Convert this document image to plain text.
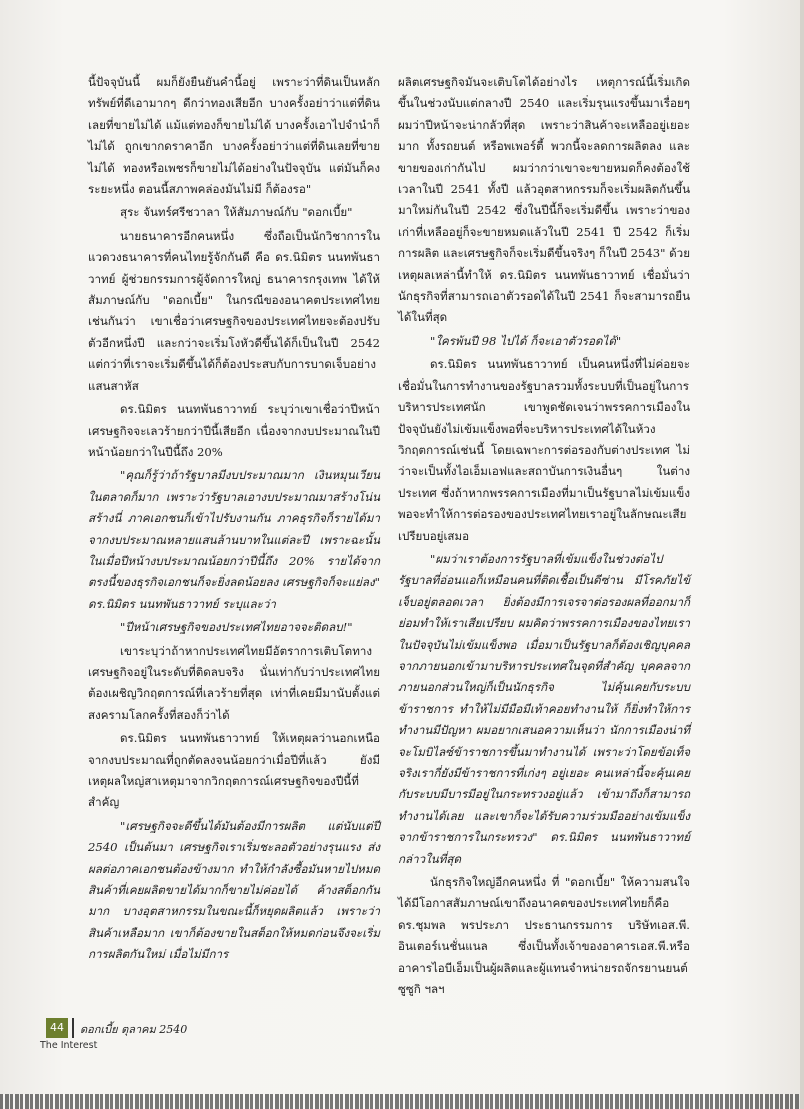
นี้ปัจจุบันนี้ ผมก็ยังยืนยันคำนี้อยู่ เพราะว่าที่ดินเป็นหลักทรัพย์ที่ดีเอามากๆ ดีกว่าทองเสียอีก บางครั้งอย่าว่าแต่ที่ดินเลยที่ขายไม่ได้ แม้แต่ทองก็ขายไม่ได้ บางครั้งเอาไปจำนำก็ไม่ได้ ถูกเขากดราคาอีก บางครั้งอย่าว่าแต่ที่ดินเลยที่ขายไม่ได้ ทองหรือเพชรก็ขายไม่ได้อย่างในปัจจุบัน แต่มันก็คงระยะหนึ่ง ตอนนี้สภาพคล่องมันไม่มี ก็ต้องรอ"

สุระ จันทร์ศรีชวาลา ให้สัมภาษณ์กับ "ดอกเบี้ย"

นายธนาคารอีกคนหนึ่ง ซึ่งถือเป็นนักวิชาการในแวดวงธนาคารที่คนไทยรู้จักกันดี คือ ดร.นิมิตร นนทพันธาวาทย์ ผู้ช่วยกรรมการผู้จัดการใหญ่ ธนาคารกรุงเทพ ได้ให้สัมภาษณ์กับ "ดอกเบี้ย" ในกรณีของอนาคตประเทศไทยเช่นกันว่า เขาเชื่อว่าเศรษฐกิจของประเทศไทยจะต้องปรับตัวอีกหนึ่งปี และกว่าจะเริ่มโงหัวดีขึ้นได้ก็เป็นในปี 2542 แต่กว่าที่เราจะเริ่มดีขึ้นได้ก็ต้องประสบกับการบาดเจ็บอย่างแสนสาหัส

ดร.นิมิตร นนทพันธาวาทย์ ระบุว่าเขาเชื่อว่าปีหน้าเศรษฐกิจจะเลวร้ายกว่าปีนี้เสียอีก เนื่องจากงบประมาณในปีหน้าน้อยกว่าในปีนี้ถึง 20%

"คุณก็รู้ว่าถ้ารัฐบาลมีงบประมาณมาก เงินหมุนเวียนในตลาดก็มาก เพราะว่ารัฐบาลเอางบประมาณมาสร้างโน่น สร้างนี่ ภาคเอกชนก็เข้าไปรับงานกัน ภาคธุรกิจก็รายได้มาจากงบประมาณหลายแสนล้านบาทในแต่ละปี เพราะฉะนั้นในเมื่อปีหน้างบประมาณน้อยกว่าปีนี้ถึง 20% รายได้จากตรงนี้ของธุรกิจเอกชนก็จะยิ่งลดน้อยลง เศรษฐกิจก็จะแย่ลง" ดร.นิมิตร นนทพันธาวาทย์ ระบุและว่า

"ปีหน้าเศรษฐกิจของประเทศไทยอาจจะติดลบ!"

เขาระบุว่าถ้าหากประเทศไทยมีอัตราการเติบโตทางเศรษฐกิจอยู่ในระดับที่ติดลบจริง นั่นเท่ากับว่าประเทศไทยต้องเผชิญวิกฤตการณ์ที่เลวร้ายที่สุด เท่าที่เคยมีมานับตั้งแต่สงครามโลกครั้งที่สองก็ว่าได้

ดร.นิมิตร นนทพันธาวาทย์ ให้เหตุผลว่านอกเหนือจากงบประมาณที่ถูกตัดลงจนน้อยกว่าเมื่อปีที่แล้ว ยังมีเหตุผลใหญ่สาเหตุมาจากวิกฤตการณ์เศรษฐกิจของปีนี้ที่สำคัญ

"เศรษฐกิจจะดีขึ้นได้มันต้องมีการผลิต แต่นับแต่ปี 2540 เป็นต้นมา เศรษฐกิจเราเริ่มชะลอตัวอย่างรุนแรง ส่งผลต่อภาคเอกชนต้องข้างมาก ทำให้กำลังซื้อมันหายไปหมด สินค้าที่เคยผลิตขายได้มากก็ขายไม่ค่อยได้ ค้างสต็อกกันมาก บางอุตสาหกรรมในขณะนี้ก็หยุดผลิตแล้ว เพราะว่าสินค้าเหลือมาก เขาก็ต้องขายในสต็อกให้หมดก่อนจึงจะเริ่มการผลิตกันใหม่ เมื่อไม่มีการ

ผลิตเศรษฐกิจมันจะเติบโตได้อย่างไร เหตุการณ์นี้เริ่มเกิดขึ้นในช่วงนับแต่กลางปี 2540 และเริ่มรุนแรงขึ้นมาเรื่อยๆ ผมว่าปีหน้าจะน่ากลัวที่สุด เพราะว่าสินค้าจะเหลืออยู่เยอะมาก ทั้งรถยนต์ หรือพเพอร์ตี้ พวกนี้จะลดการผลิตลง และขายของเก่ากันไป ผมว่ากว่าเขาจะขายหมดก็คงต้องใช้เวลาในปี 2541 ทั้งปี แล้วอุตสาหกรรมก็จะเริ่มผลิตกันขึ้นมาใหม่กันในปี 2542 ซึ่งในปีนี้ก็จะเริ่มดีขึ้น เพราะว่าของเก่าที่เหลืออยู่ก็จะขายหมดแล้วในปี 2541 ปี 2542 ก็เริ่มการผลิต และเศรษฐกิจก็จะเริ่มดีขึ้นจริงๆ ก็ในปี 2543" ด้วยเหตุผลเหล่านี้ทำให้ ดร.นิมิตร นนทพันธาวาทย์ เชื่อมั่นว่านักธุรกิจที่สามารถเอาตัวรอดได้ในปี 2541 ก็จะสามารถยืนได้ในที่สุด

"ใครพ้นปี 98 ไปได้ ก็จะเอาตัวรอดได้"

ดร.นิมิตร นนทพันธาวาทย์ เป็นคนหนึ่งที่ไม่ค่อยจะเชื่อมั่นในการทำงานของรัฐบาลรวมทั้งระบบที่เป็นอยู่ในการบริหารประเทศนัก เขาพูดชัดเจนว่าพรรคการเมืองในปัจจุบันยังไม่เข้มแข็งพอที่จะบริหารประเทศได้ในห้วงวิกฤตการณ์เช่นนี้ โดยเฉพาะการต่อรองกับต่างประเทศ ไม่ว่าจะเป็นทั้งไอเอ็มเอฟและสถาบันการเงินอื่นๆ ในต่างประเทศ ซึ่งถ้าหากพรรคการเมืองที่มาเป็นรัฐบาลไม่เข้มแข็งพอจะทำให้การต่อรองของประเทศไทยเราอยู่ในลักษณะเสียเปรียบอยู่เสมอ

"ผมว่าเราต้องการรัฐบาลที่เข้มแข็งในช่วงต่อไป รัฐบาลที่อ่อนแอก็เหมือนคนที่ติดเชื้อเป็นดีซ่าน มีโรคภัยไข้เจ็บอยู่ตลอดเวลา ยิ่งต้องมีการเจรจาต่อรองผลที่ออกมาก็ย่อมทำให้เราเสียเปรียบ ผมคิดว่าพรรคการเมืองของไทยเราในปัจจุบันไม่เข้มแข็งพอ เมื่อมาเป็นรัฐบาลก็ต้องเชิญบุคคลจากภายนอกเข้ามาบริหารประเทศในจุดที่สำคัญ บุคคลจากภายนอกส่วนใหญ่ก็เป็นนักธุรกิจ ไม่คุ้นเคยกับระบบข้าราชการ ทำให้ไม่มีมือมีเท้าคอยทำงานให้ ก็ยิ่งทำให้การทำงานมีปัญหา ผมอยากเสนอความเห็นว่า นักการเมืองน่าที่จะโมบิไลซ์ข้าราชการขึ้นมาทำงานได้ เพราะว่าโดยข้อเท็จจริงเรากี่ยังมีข้าราชการที่เก่งๆ อยู่เยอะ คนเหล่านี้จะคุ้นเคยกับระบบมีบารมีอยู่ในกระทรวงอยู่แล้ว เข้ามาถึงก็สามารถทำงานได้เลย และเขาก็จะได้รับความร่วมมืออย่างเข้มแข็งจากข้าราชการในกระทรวง" ดร.นิมิตร นนทพันธาวาทย์ กล่าวในที่สุด

นักธุรกิจใหญ่อีกคนหนึ่ง ที่ "ดอกเบี้ย" ให้ความสนใจได้มีโอกาสสัมภาษณ์เขาถึงอนาคตของประเทศไทยก็คือ ดร.ชุมพล พรประภา ประธานกรรมการ บริษัทเอส.พี. อินเตอร์เนชั่นแนล ซึ่งเป็นทั้งเจ้าของอาคารเอส.พี.หรืออาคารไอบีเอ็มเป็นผู้ผลิตและผู้แทนจำหน่ายรถจักรยานยนต์ซูซูกิ ฯลฯ

44	ดอกเบี้ย ตุลาคม 2540
The Interest
